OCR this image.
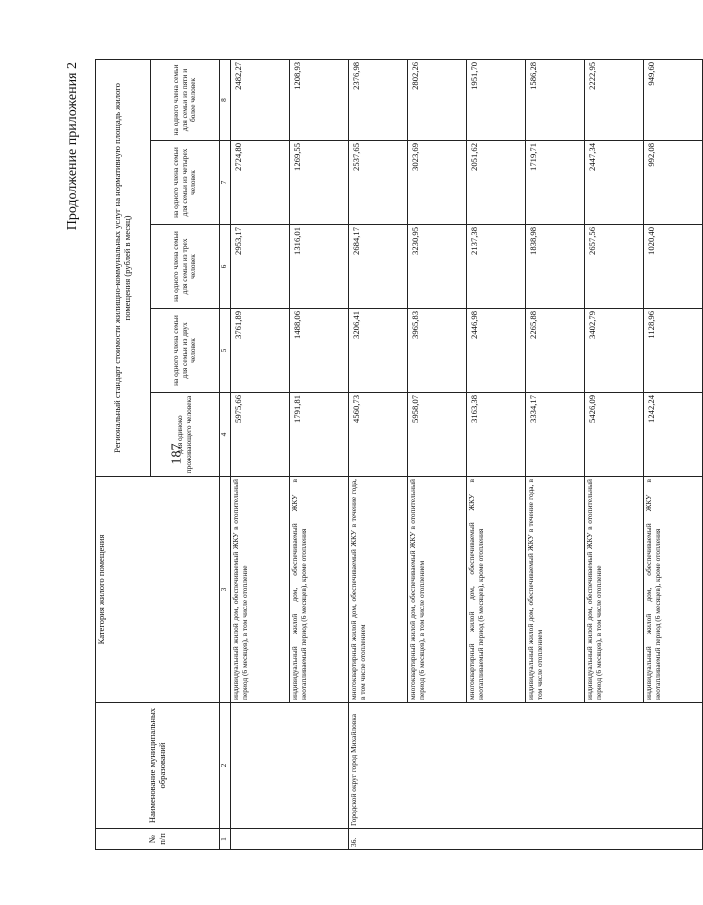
187
Продолжение приложения 2
№ п/п	Наименование муниципальных образований	Категория жилого помещения	Региональный стандарт стоимости жилищно-коммунальных услуг на нормативную площадь жилого помещения (рублей в месяц)				
			для одиноко проживающего человека	на одного члена семьи для семьи из двух человек	на одного члена семьи для семьи из трех человек	на одного члена семьи для семьи из четырех человек	на одного члена семьи для семьи из пяти и более человек
1	2	3	4	5	6	7	8
		индивидуальный жилой дом, обеспечиваемый ЖКУ в отопительный период (6 месяцев), в том числе отопление	5975,66	3761,89	2953,17	2724,80	2482,27
		индивидуальный жилой дом, обеспечиваемый ЖКУ в неотапливаемый период (6 месяцев), кроме отопления	1791,81	1488,06	1316,01	1269,55	1208,93
36.	Городской округ город Михайловка	многоквартирный жилой дом, обеспечиваемый ЖКУ в течение года, в том числе отоплением	4560,73	3206,41	2684,17	2537,65	2376,98
		многоквартирный жилой дом, обеспечиваемый ЖКУ в отопительный период (6 месяцев), в том числе отоплением	5958,07	3965,83	3230,95	3023,69	2802,26
		многоквартирный жилой дом, обеспечиваемый ЖКУ в неотапливаемый период (6 месяцев), кроме отопления	3163,38	2446,98	2137,38	2051,62	1951,70
		индивидуальный жилой дом, обеспечиваемый ЖКУ в течение года, в том числе отоплением	3334,17	2265,88	1838,98	1719,71	1586,28
		индивидуальный жилой дом, обеспечиваемый ЖКУ в отопительный период (6 месяцев), в том числе отопление	5426,09	3402,79	2657,56	2447,34	2222,95
		индивидуальный жилой дом, обеспечиваемый ЖКУ в неотапливаемый период (6 месяцев), кроме отопления	1242,24	1128,96	1020,40	992,08	949,60
